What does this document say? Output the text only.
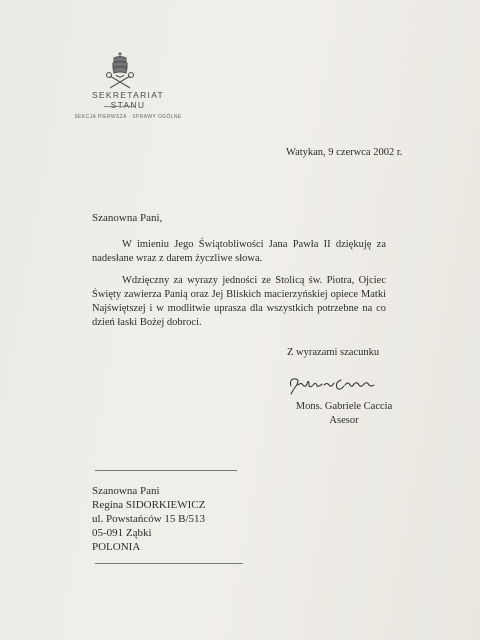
SEKRETARIAT STANU
SEKCJA PIERWSZA · SPRAWY OGÓLNE
Watykan, 9 czerwca 2002 r.
Szanowna Pani,
W imieniu Jego Świątobliwości Jana Pawła II dziękuję za nadesłane wraz z darem życzliwe słowa.
Wdzięczny za wyrazy jedności ze Stolicą św. Piotra, Ojciec Święty zawierza Panią oraz Jej Bliskich macierzyńskiej opiece Matki Najświętszej i w modlitwie uprasza dla wszystkich potrzebne na co dzień łaski Bożej dobroci.
Z wyrazami szacunku
Mons. Gabriele Caccia
Asesor
Szanowna Pani
Regina SIDORKIEWICZ
ul. Powstańców 15 B/513
05-091 Ząbki
POLONIA
